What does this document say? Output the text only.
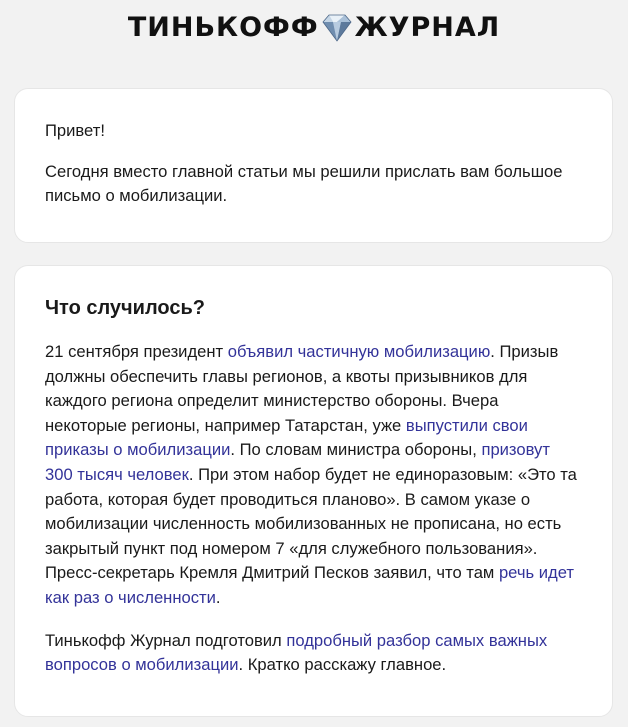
ТИНЬКОФФ ЖУРНАЛ

Привет!

Сегодня вместо главной статьи мы решили прислать вам большое письмо о мобилизации.

Что случилось?

21 сентября президент объявил частичную мобилизацию. Призыв должны обеспечить главы регионов, а квоты призывников для каждого региона определит министерство обороны. Вчера некоторые регионы, например Татарстан, уже выпустили свои приказы о мобилизации. По словам министра обороны, призовут 300 тысяч человек. При этом набор будет не единоразовым: «Это та работа, которая будет проводиться планово». В самом указе о мобилизации численность мобилизованных не прописана, но есть закрытый пункт под номером 7 «для служебного пользования». Пресс-секретарь Кремля Дмитрий Песков заявил, что там речь идет как раз о численности.

Тинькофф Журнал подготовил подробный разбор самых важных вопросов о мобилизации. Кратко расскажу главное.
